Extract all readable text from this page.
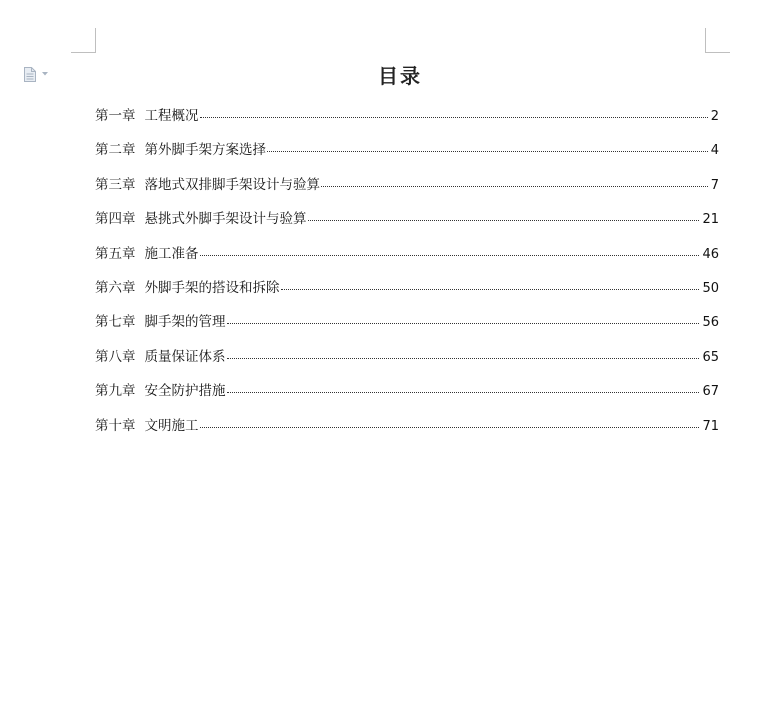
目录
第一章 工程概况	2
第二章 第外脚手架方案选择	4
第三章 落地式双排脚手架设计与验算	7
第四章 悬挑式外脚手架设计与验算	21
第五章 施工准备	46
第六章 外脚手架的搭设和拆除	50
第七章 脚手架的管理	56
第八章 质量保证体系	65
第九章 安全防护措施	67
第十章 文明施工	71
